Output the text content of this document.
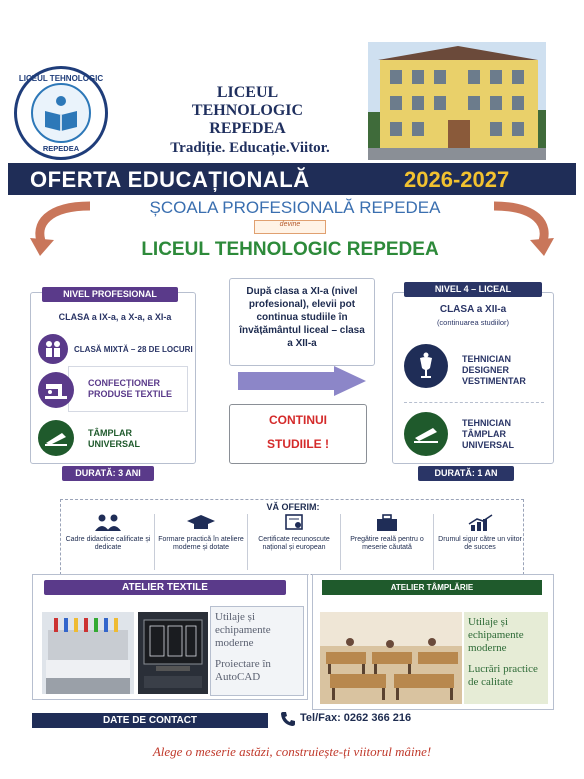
LICEUL TEHNOLOGIC
REPEDEA
LICEUL
TEHNOLOGIC
REPEDEA
Tradiție. Educație.Viitor.
OFERTA EDUCAȚIONALĂ	2026-2027
ȘCOALA PROFESIONALĂ REPEDEA
devine
LICEUL TEHNOLOGIC REPEDEA
NIVEL PROFESIONAL
CLASA a IX-a, a X-a, a XI-a
CLASĂ MIXTĂ – 28 DE LOCURI
CONFECȚIONER PRODUSE TEXTILE
TÂMPLAR UNIVERSAL
DURATĂ: 3 ANI
După clasa a XI-a (nivel profesional), elevii pot continua studiile în învățământul liceal – clasa a XII-a
CONTINUI
STUDIILE !
NIVEL 4 – LICEAL
CLASA a XII-a
(continuarea studiilor)
TEHNICIAN DESIGNER VESTIMENTAR
TEHNICIAN TÂMPLAR UNIVERSAL
DURATĂ: 1 AN
VĂ OFERIM:
Cadre didactice calificate și dedicate
Formare practică în ateliere moderne și dotate
Certificate recunoscute național și european
Pregătire reală pentru o meserie căutată
Drumul sigur către un viitor de succes
ATELIER TEXTILE
Utilaje și echipamente moderne
Proiectare în AutoCAD
ATELIER TÂMPLĂRIE
Utilaje și echipamente moderne
Lucrări practice de calitate
DATE DE CONTACT	Tel/Fax: 0262 366 216
Alege o meserie astăzi, construiește-ți viitorul mâine!
